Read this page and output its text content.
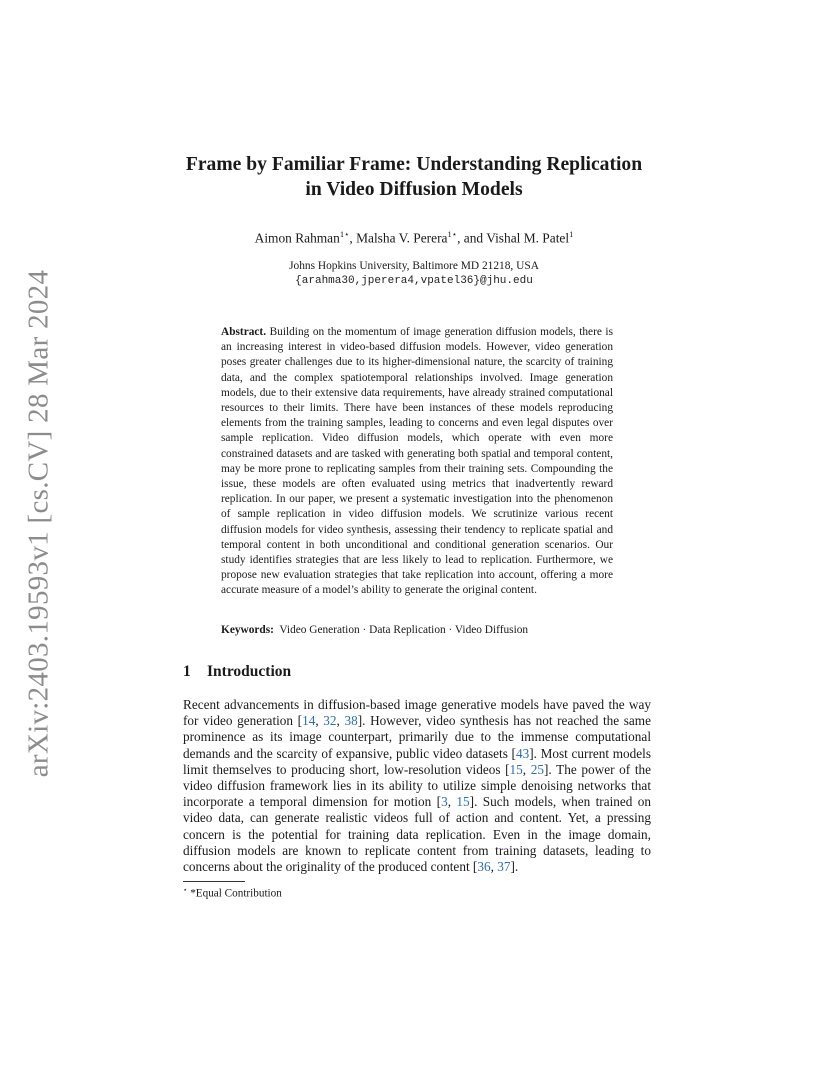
arXiv:2403.19593v1 [cs.CV] 28 Mar 2024
Frame by Familiar Frame: Understanding Replication
in Video Diffusion Models
Aimon Rahman$^{1⋆}$, Malsha V. Perera$^{1⋆}$, and Vishal M. Patel$^1$
Johns Hopkins University, Baltimore MD 21218, USA
{arahma30,jperera4,vpatel36}@jhu.edu
Abstract. Building on the momentum of image generation diffusion models, there is an increasing interest in video-based diffusion models. However, video generation poses greater challenges due to its higher-dimensional nature, the scarcity of training data, and the complex spatiotemporal relationships involved. Image generation models, due to their extensive data requirements, have already strained computational resources to their limits. There have been instances of these models reproducing elements from the training samples, leading to concerns and even legal disputes over sample replication. Video diffusion models, which operate with even more constrained datasets and are tasked with generating both spatial and temporal content, may be more prone to replicating samples from their training sets. Compounding the issue, these models are often evaluated using metrics that inadvertently reward replication. In our paper, we present a systematic investigation into the phenomenon of sample replication in video diffusion models. We scrutinize various recent diffusion models for video synthesis, assessing their tendency to replicate spatial and temporal content in both unconditional and conditional generation scenarios. Our study identifies strategies that are less likely to lead to replication. Furthermore, we propose new evaluation strategies that take replication into account, offering a more accurate measure of a model’s ability to generate the original content.
Keywords: Video Generation · Data Replication · Video Diffusion
1 Introduction
Recent advancements in diffusion-based image generative models have paved the way for video generation [14, 32, 38]. However, video synthesis has not reached the same prominence as its image counterpart, primarily due to the immense computational demands and the scarcity of expansive, public video datasets [43]. Most current models limit themselves to producing short, low-resolution videos [15, 25]. The power of the video diffusion framework lies in its ability to utilize simple denoising networks that incorporate a temporal dimension for motion [3, 15]. Such models, when trained on video data, can generate realistic videos full of action and content. Yet, a pressing concern is the potential for training data replication. Even in the image domain, diffusion models are known to replicate content from training datasets, leading to concerns about the originality of the produced content [36, 37].
⋆ *Equal Contribution
